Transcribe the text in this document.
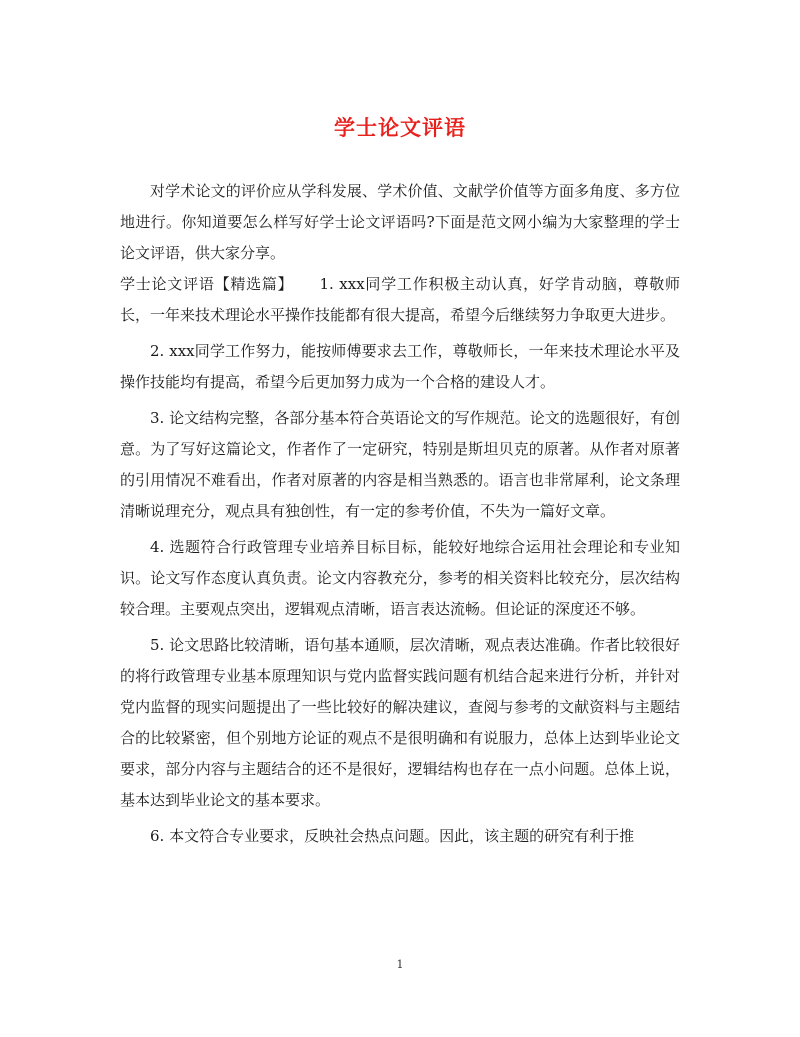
学士论文评语

对学术论文的评价应从学科发展、学术价值、文献学价值等方面多角度、多方位地进行。你知道要怎么样写好学士论文评语吗?下面是范文网小编为大家整理的学士论文评语，供大家分享。

学士论文评语【精选篇】 1. xxx同学工作积极主动认真，好学肯动脑，尊敬师长，一年来技术理论水平操作技能都有很大提高，希望今后继续努力争取更大进步。

2. xxx同学工作努力，能按师傅要求去工作，尊敬师长，一年来技术理论水平及操作技能均有提高，希望今后更加努力成为一个合格的建设人才。

3. 论文结构完整，各部分基本符合英语论文的写作规范。论文的选题很好，有创意。为了写好这篇论文，作者作了一定研究，特别是斯坦贝克的原著。从作者对原著的引用情况不难看出，作者对原著的内容是相当熟悉的。语言也非常犀利，论文条理清晰说理充分，观点具有独创性，有一定的参考价值，不失为一篇好文章。

4. 选题符合行政管理专业培养目标目标，能较好地综合运用社会理论和专业知识。论文写作态度认真负责。论文内容教充分，参考的相关资料比较充分，层次结构较合理。主要观点突出，逻辑观点清晰，语言表达流畅。但论证的深度还不够。

5. 论文思路比较清晰，语句基本通顺，层次清晰，观点表达准确。作者比较很好的将行政管理专业基本原理知识与党内监督实践问题有机结合起来进行分析，并针对党内监督的现实问题提出了一些比较好的解决建议，查阅与参考的文献资料与主题结合的比较紧密，但个别地方论证的观点不是很明确和有说服力，总体上达到毕业论文要求，部分内容与主题结合的还不是很好，逻辑结构也存在一点小问题。总体上说，基本达到毕业论文的基本要求。

6. 本文符合专业要求，反映社会热点问题。因此，该主题的研究有利于推

1
